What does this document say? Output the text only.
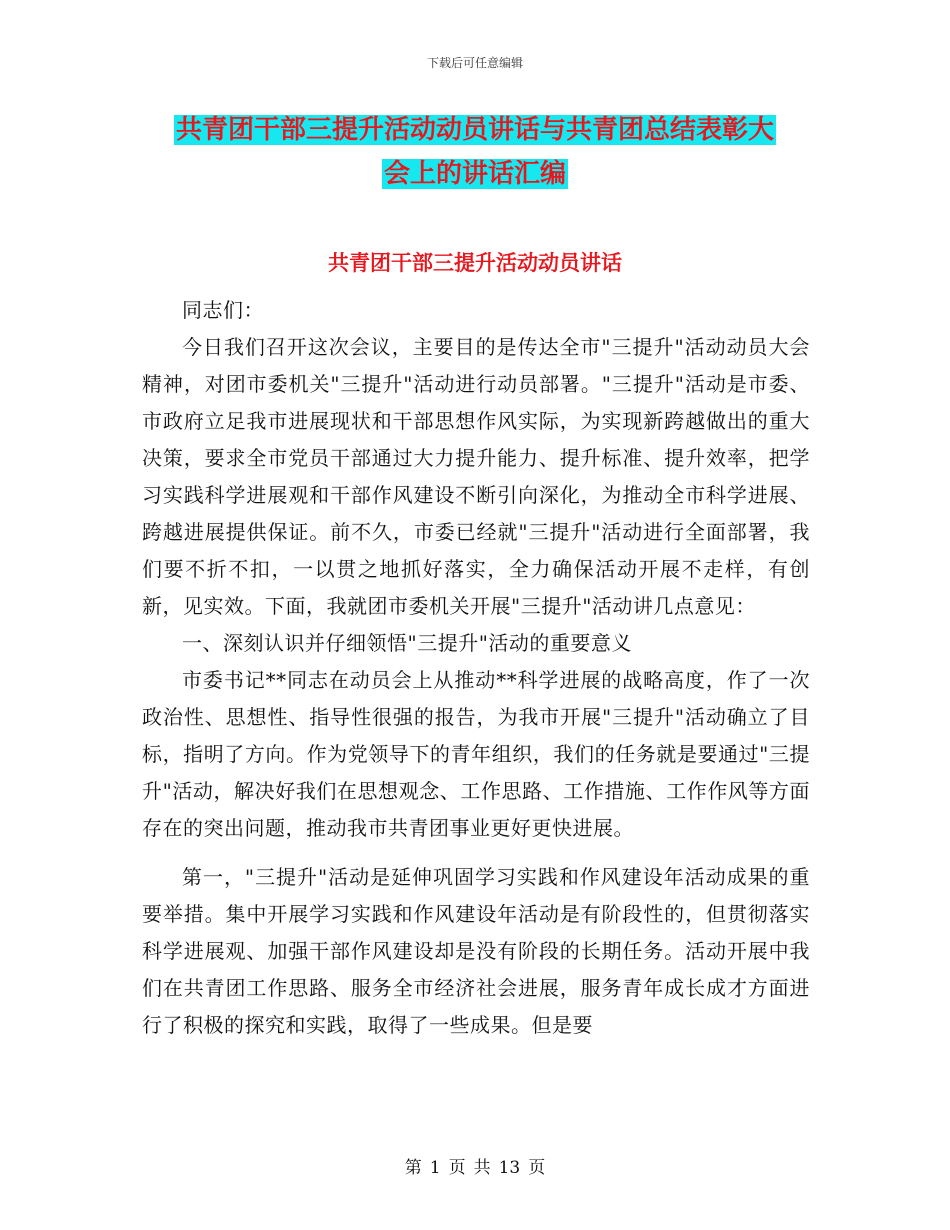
下载后可任意编辑
共青团干部三提升活动动员讲话与共青团总结表彰大
会上的讲话汇编
共青团干部三提升活动动员讲话

同志们：

今日我们召开这次会议，主要目的是传达全市"三提升"活动动员大会精神，对团市委机关"三提升"活动进行动员部署。"三提升"活动是市委、市政府立足我市进展现状和干部思想作风实际，为实现新跨越做出的重大决策，要求全市党员干部通过大力提升能力、提升标准、提升效率，把学习实践科学进展观和干部作风建设不断引向深化，为推动全市科学进展、跨越进展提供保证。前不久，市委已经就"三提升"活动进行全面部署，我们要不折不扣，一以贯之地抓好落实，全力确保活动开展不走样，有创新，见实效。下面，我就团市委机关开展"三提升"活动讲几点意见：

一、深刻认识并仔细领悟"三提升"活动的重要意义

市委书记**同志在动员会上从推动**科学进展的战略高度，作了一次政治性、思想性、指导性很强的报告，为我市开展"三提升"活动确立了目标，指明了方向。作为党领导下的青年组织，我们的任务就是要通过"三提升"活动，解决好我们在思想观念、工作思路、工作措施、工作作风等方面存在的突出问题，推动我市共青团事业更好更快进展。

第一，"三提升"活动是延伸巩固学习实践和作风建设年活动成果的重要举措。集中开展学习实践和作风建设年活动是有阶段性的，但贯彻落实科学进展观、加强干部作风建设却是没有阶段的长期任务。活动开展中我们在共青团工作思路、服务全市经济社会进展，服务青年成长成才方面进行了积极的探究和实践，取得了一些成果。但是要

第 1 页 共 13 页
